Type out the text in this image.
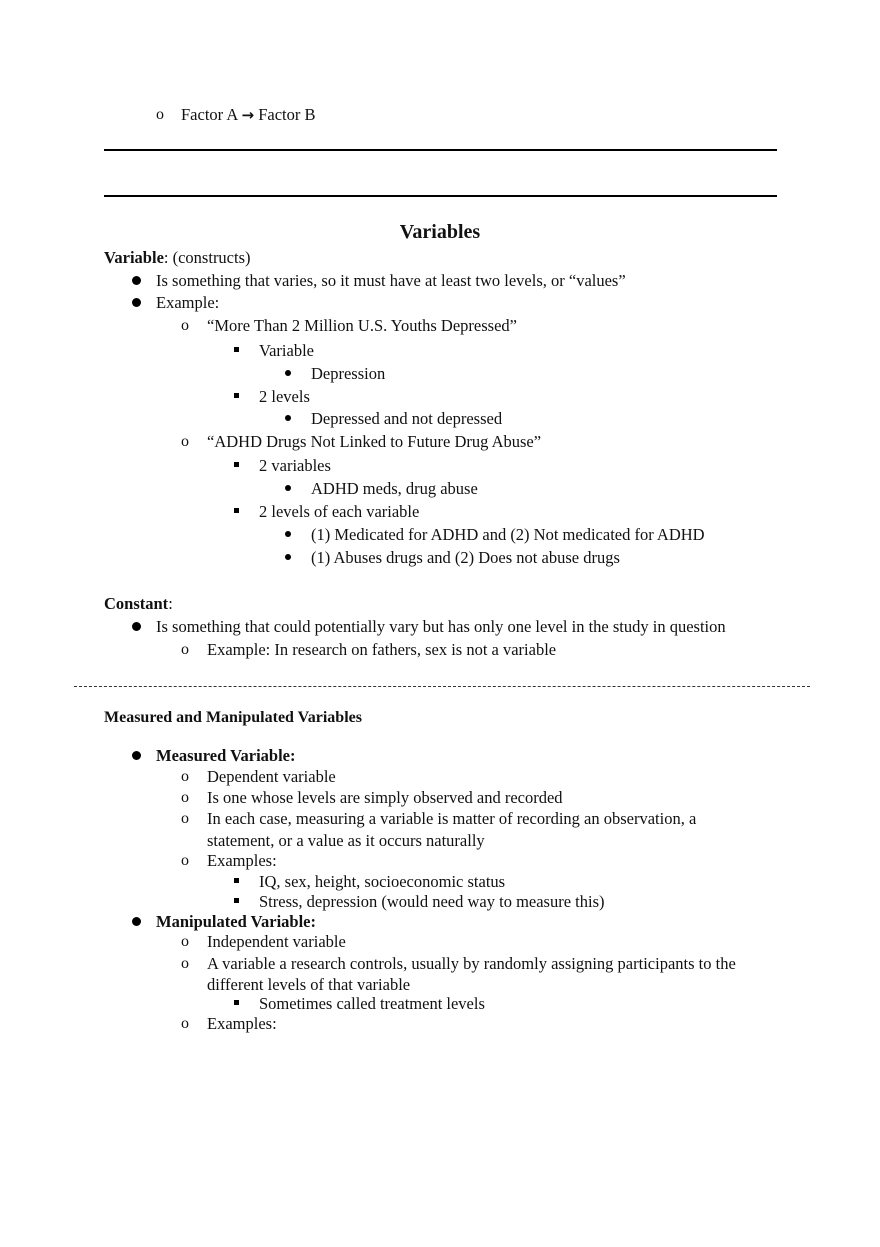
o Factor A → Factor B
Variables
Variable: (constructs)
Is something that varies, so it must have at least two levels, or “values”
Example:
o “More Than 2 Million U.S. Youths Depressed”
Variable
Depression
2 levels
Depressed and not depressed
o “ADHD Drugs Not Linked to Future Drug Abuse”
2 variables
ADHD meds, drug abuse
2 levels of each variable
(1) Medicated for ADHD and (2) Not medicated for ADHD
(1) Abuses drugs and (2) Does not abuse drugs
Constant:
Is something that could potentially vary but has only one level in the study in question
o Example: In research on fathers, sex is not a variable
Measured and Manipulated Variables
Measured Variable:
o Dependent variable
o Is one whose levels are simply observed and recorded
o In each case, measuring a variable is matter of recording an observation, a
statement, or a value as it occurs naturally
o Examples:
IQ, sex, height, socioeconomic status
Stress, depression (would need way to measure this)
Manipulated Variable:
o Independent variable
o A variable a research controls, usually by randomly assigning participants to the
different levels of that variable
Sometimes called treatment levels
o Examples:
